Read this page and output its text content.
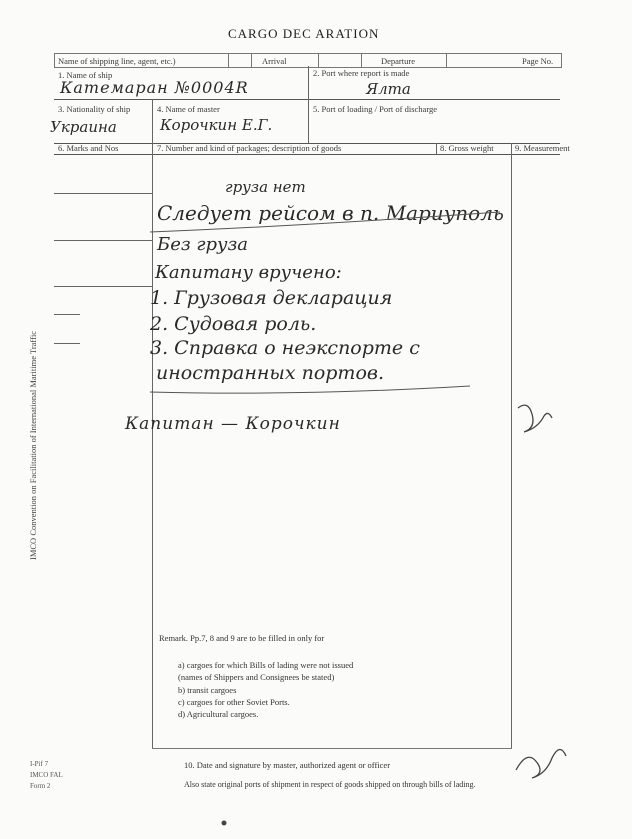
CARGO DEC ARATION
Name of shipping line, agent, etc.)	Arrival	Departure	Page No.
1. Name of ship
Катемаран №0004R
2. Port where report is made
Ялта
3. Nationality of ship
Украина
4. Name of master
Корочкин Е.Г.
5. Port of loading / Port of discharge
6. Marks and Nos	7. Number and kind of packages; description of goods	8. Gross weight	9. Measurement
IMCO Convention on Facilitation of International Maritime Traffic
груза нет
Следует рейсом в п. Мариуполь
Без груза
Капитану вручено:
1. Грузовая декларация
2. Судовая роль.
3. Справка о неэкспорте с
иностранных портов.
Капитан — Корочкин
Remark. Pp.7, 8 and 9 are to be filled in only for
a) cargoes for which Bills of lading were not issued
(names of Shippers and Consignees be stated)
b) transit cargoes
c) cargoes for other Soviet Ports.
d) Agricultural cargoes.
I-Pif 7
IMCO FAL
Form 2
10. Date and signature by master, authorized agent or officer
Also state original ports of shipment in respect of goods shipped on through bills of lading.
